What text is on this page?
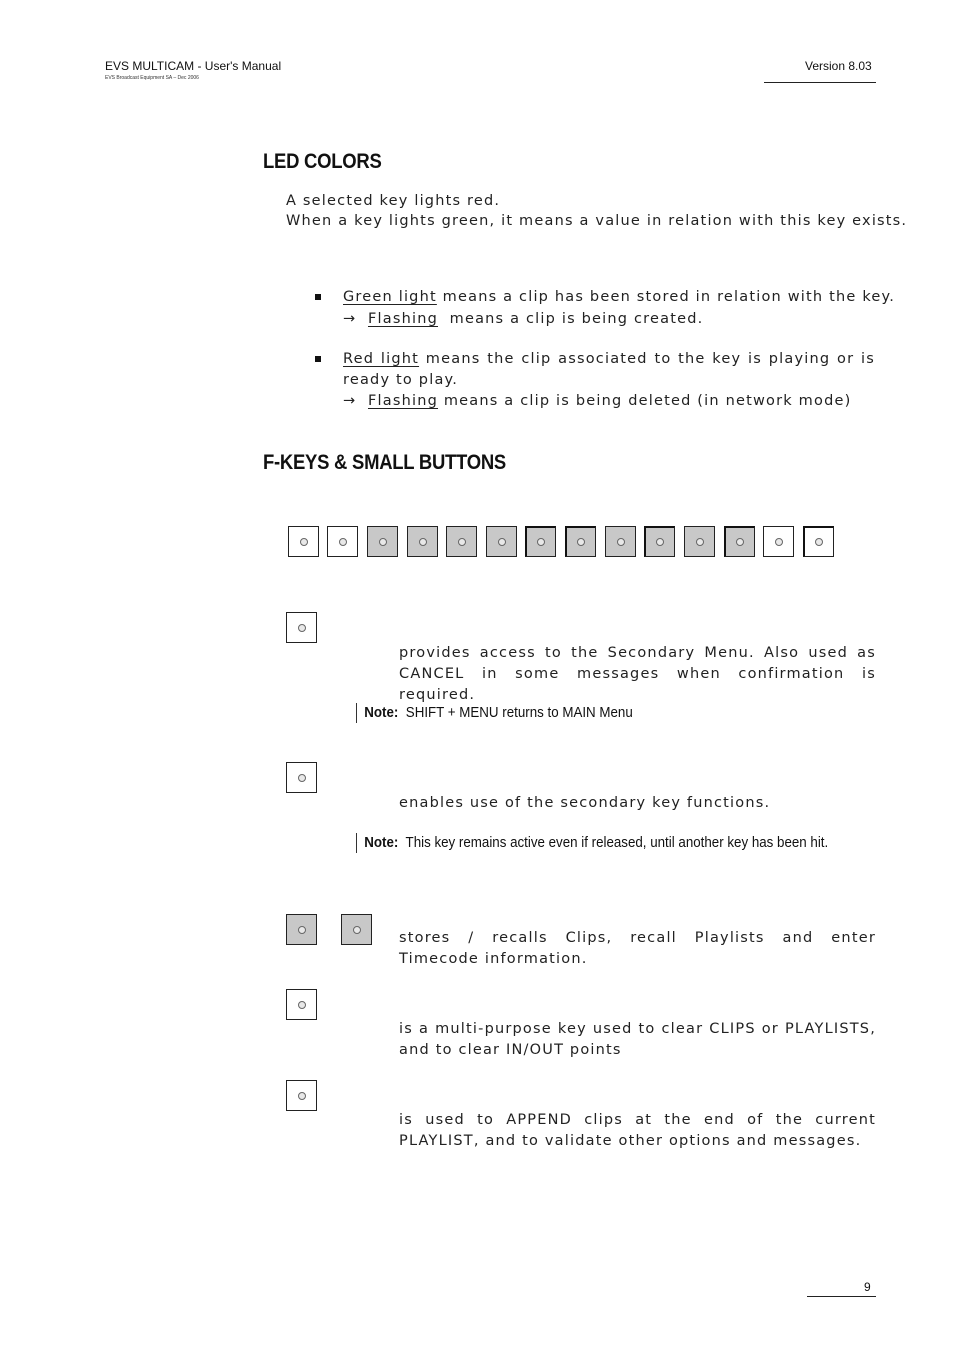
EVS MULTICAM - User's Manual
EVS Broadcast Equipment SA – Dec 2006
Version 8.03
LED COLORS
A selected key lights red.
When a key lights green, it means a value in relation with this key exists.
Green light means a clip has been stored in relation with the key.
→ Flashing  means a clip is being created.
Red light means the clip associated to the key is playing or is ready to play.
→ Flashing means a clip is being deleted (in network mode)
F-KEYS & SMALL BUTTONS
provides access to the Secondary Menu. Also used as CANCEL in some messages when confirmation is required.
Note: SHIFT + MENU returns to MAIN Menu
enables use of the secondary key functions.
Note: This key remains active even if released, until another key has been hit.
stores / recalls Clips, recall Playlists and enter Timecode information.
is a multi-purpose key used to clear CLIPS or PLAYLISTS, and to clear IN/OUT points
is used to APPEND clips at the end of the current PLAYLIST, and to validate other options and messages.
9
